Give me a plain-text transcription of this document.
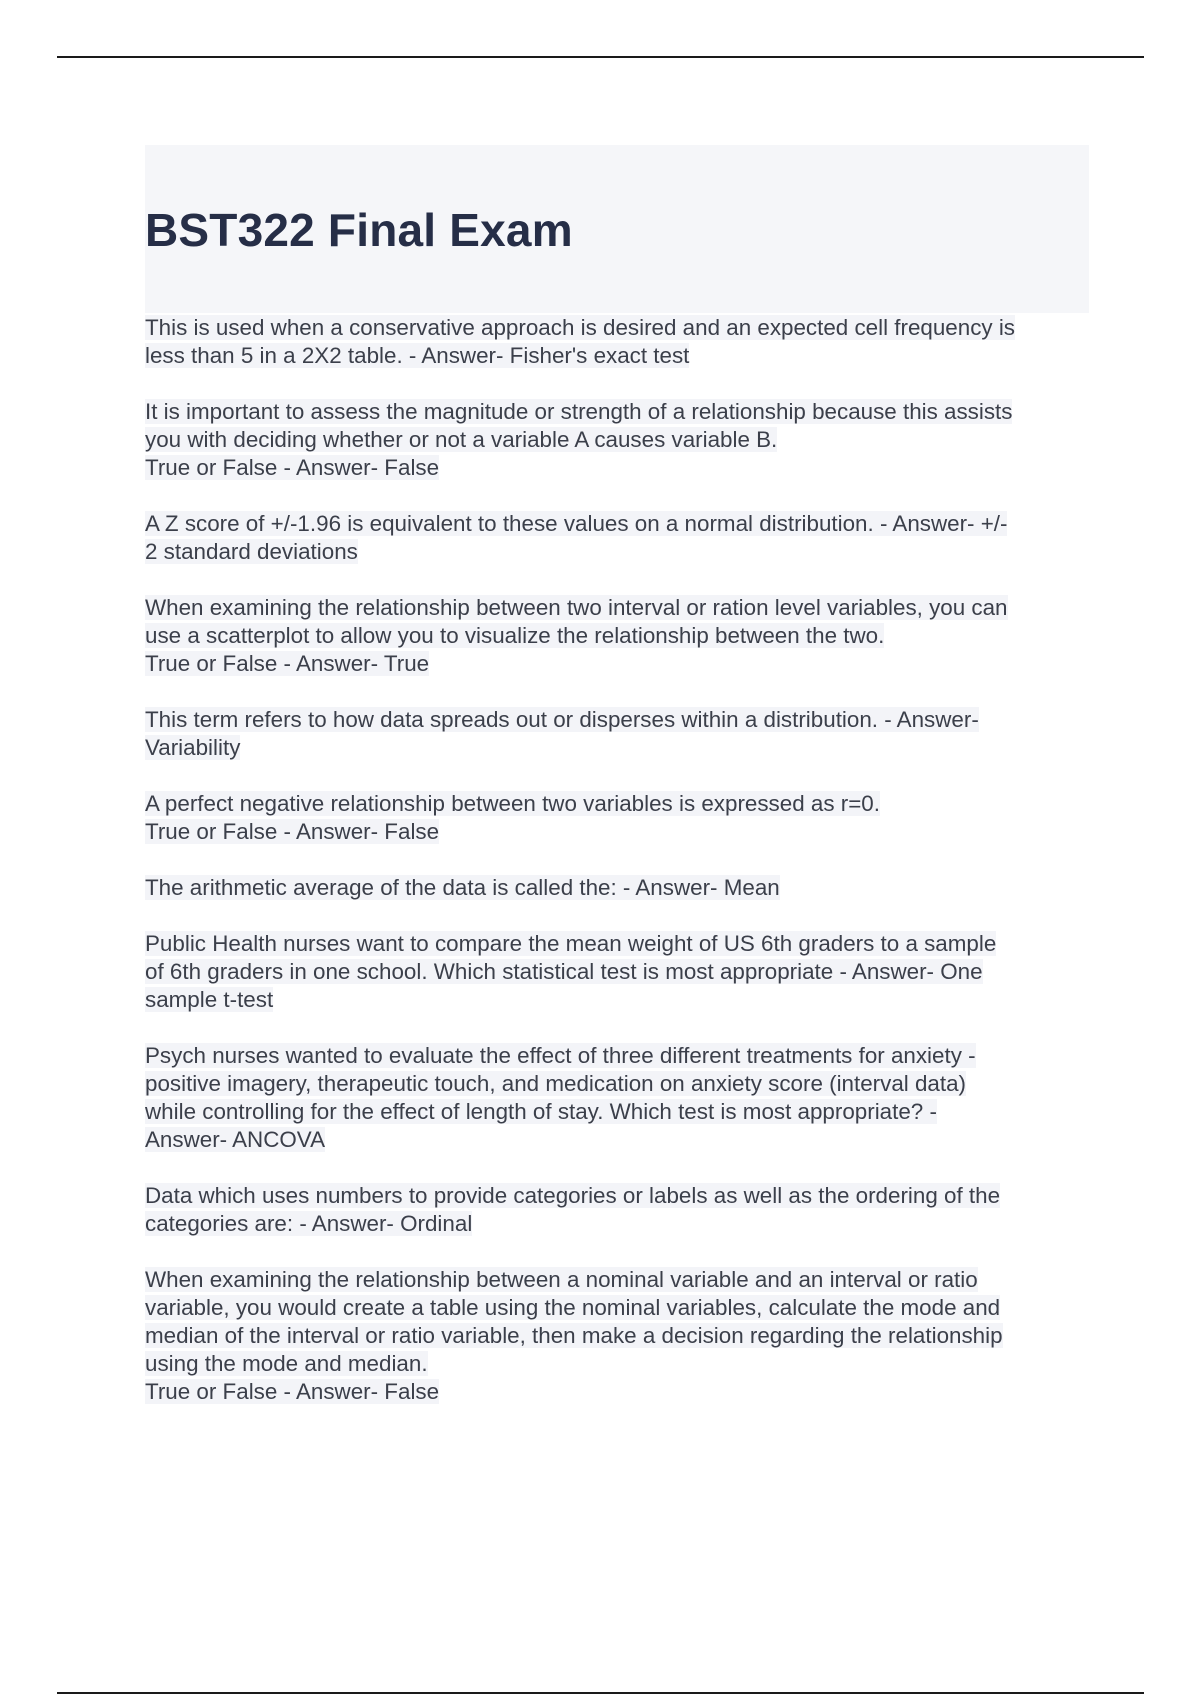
BST322 Final Exam

This is used when a conservative approach is desired and an expected cell frequency is
less than 5 in a 2X2 table. - Answer- Fisher's exact test

It is important to assess the magnitude or strength of a relationship because this assists
you with deciding whether or not a variable A causes variable B.
True or False - Answer- False

A Z score of +/-1.96 is equivalent to these values on a normal distribution. - Answer- +/-
2 standard deviations

When examining the relationship between two interval or ration level variables, you can
use a scatterplot to allow you to visualize the relationship between the two.
True or False - Answer- True

This term refers to how data spreads out or disperses within a distribution. - Answer-
Variability

A perfect negative relationship between two variables is expressed as r=0.
True or False - Answer- False

The arithmetic average of the data is called the: - Answer- Mean

Public Health nurses want to compare the mean weight of US 6th graders to a sample
of 6th graders in one school. Which statistical test is most appropriate - Answer- One
sample t-test

Psych nurses wanted to evaluate the effect of three different treatments for anxiety -
positive imagery, therapeutic touch, and medication on anxiety score (interval data)
while controlling for the effect of length of stay. Which test is most appropriate? -
Answer- ANCOVA

Data which uses numbers to provide categories or labels as well as the ordering of the
categories are: - Answer- Ordinal

When examining the relationship between a nominal variable and an interval or ratio
variable, you would create a table using the nominal variables, calculate the mode and
median of the interval or ratio variable, then make a decision regarding the relationship
using the mode and median.
True or False - Answer- False
